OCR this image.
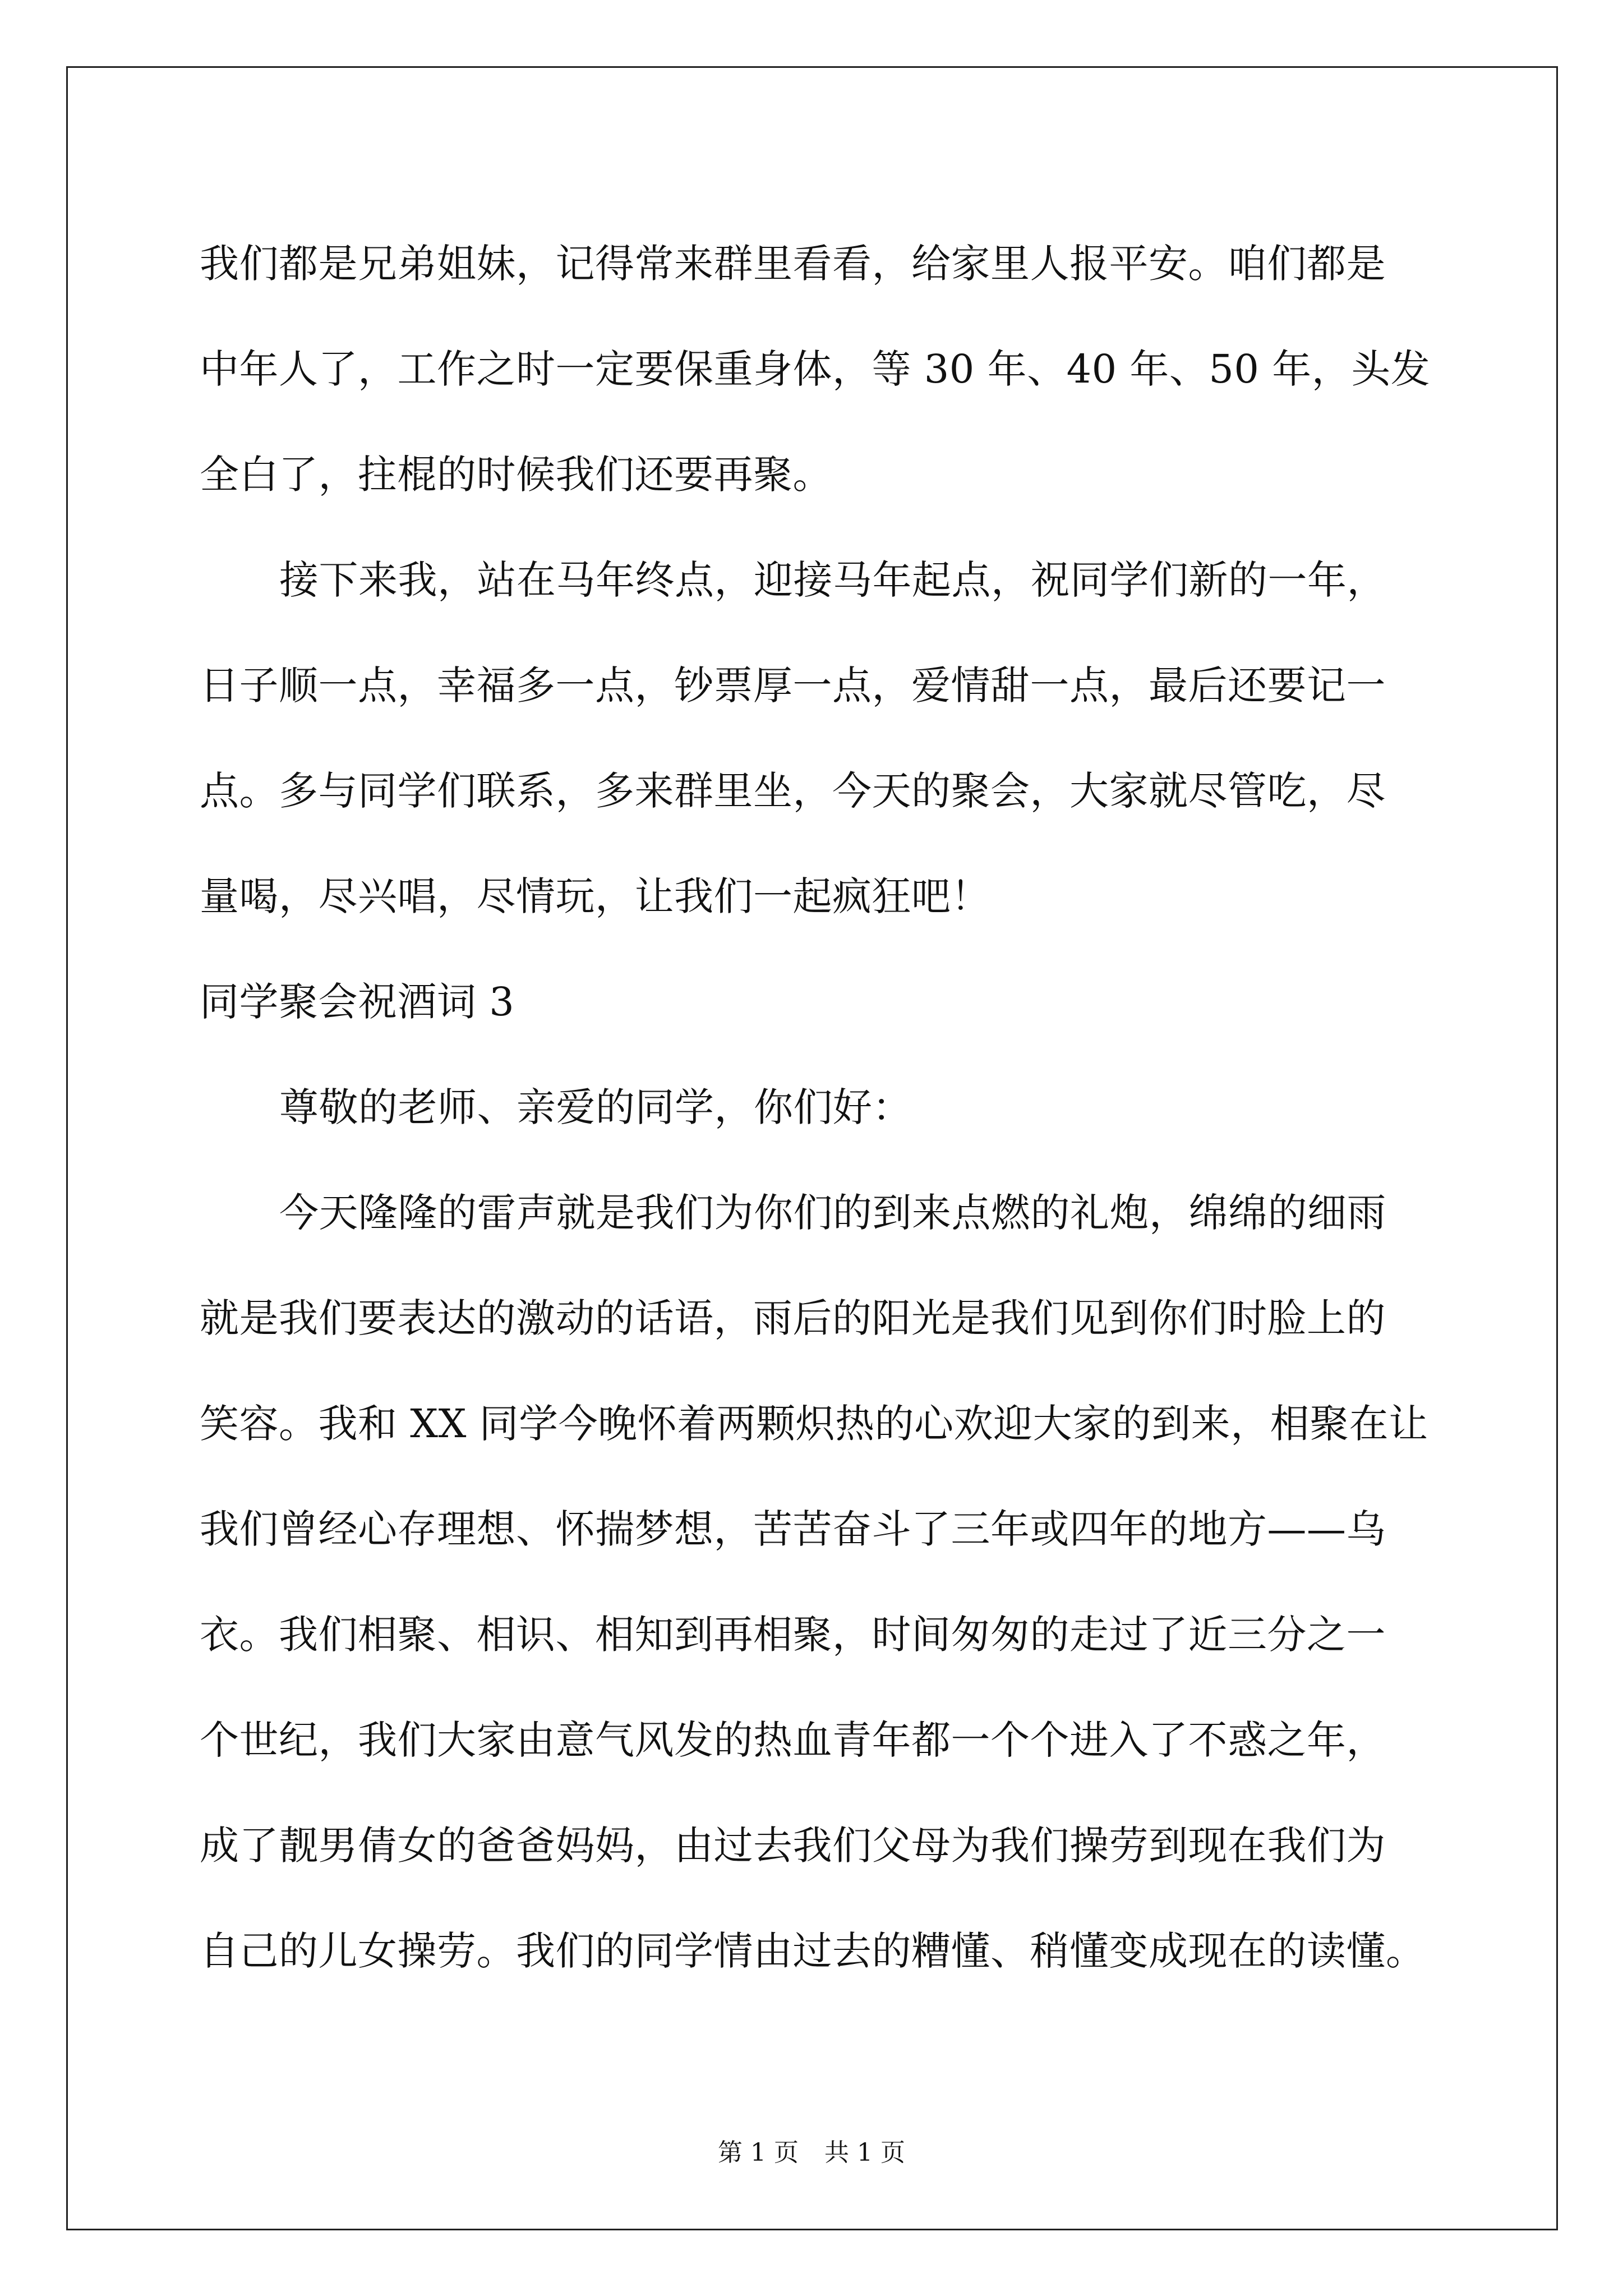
我们都是兄弟姐妹，记得常来群里看看，给家里人报平安。咱们都是
中年人了，工作之时一定要保重身体，等 30 年、40 年、50 年，头发
全白了，拄棍的时候我们还要再聚。
接下来我，站在马年终点，迎接马年起点，祝同学们新的一年，
日子顺一点，幸福多一点，钞票厚一点，爱情甜一点，最后还要记一
点。多与同学们联系，多来群里坐，今天的聚会，大家就尽管吃，尽
量喝，尽兴唱，尽情玩，让我们一起疯狂吧！
同学聚会祝酒词 3
尊敬的老师、亲爱的同学，你们好：
今天隆隆的雷声就是我们为你们的到来点燃的礼炮，绵绵的细雨
就是我们要表达的激动的话语，雨后的阳光是我们见到你们时脸上的
笑容。我和 XX 同学今晚怀着两颗炽热的心欢迎大家的到来，相聚在让
我们曾经心存理想、怀揣梦想，苦苦奋斗了三年或四年的地方——乌
衣。我们相聚、相识、相知到再相聚，时间匆匆的走过了近三分之一
个世纪，我们大家由意气风发的热血青年都一个个进入了不惑之年，
成了靓男倩女的爸爸妈妈，由过去我们父母为我们操劳到现在我们为
自己的儿女操劳。我们的同学情由过去的糟懂、稍懂变成现在的读懂。
第 1 页 共 1 页
